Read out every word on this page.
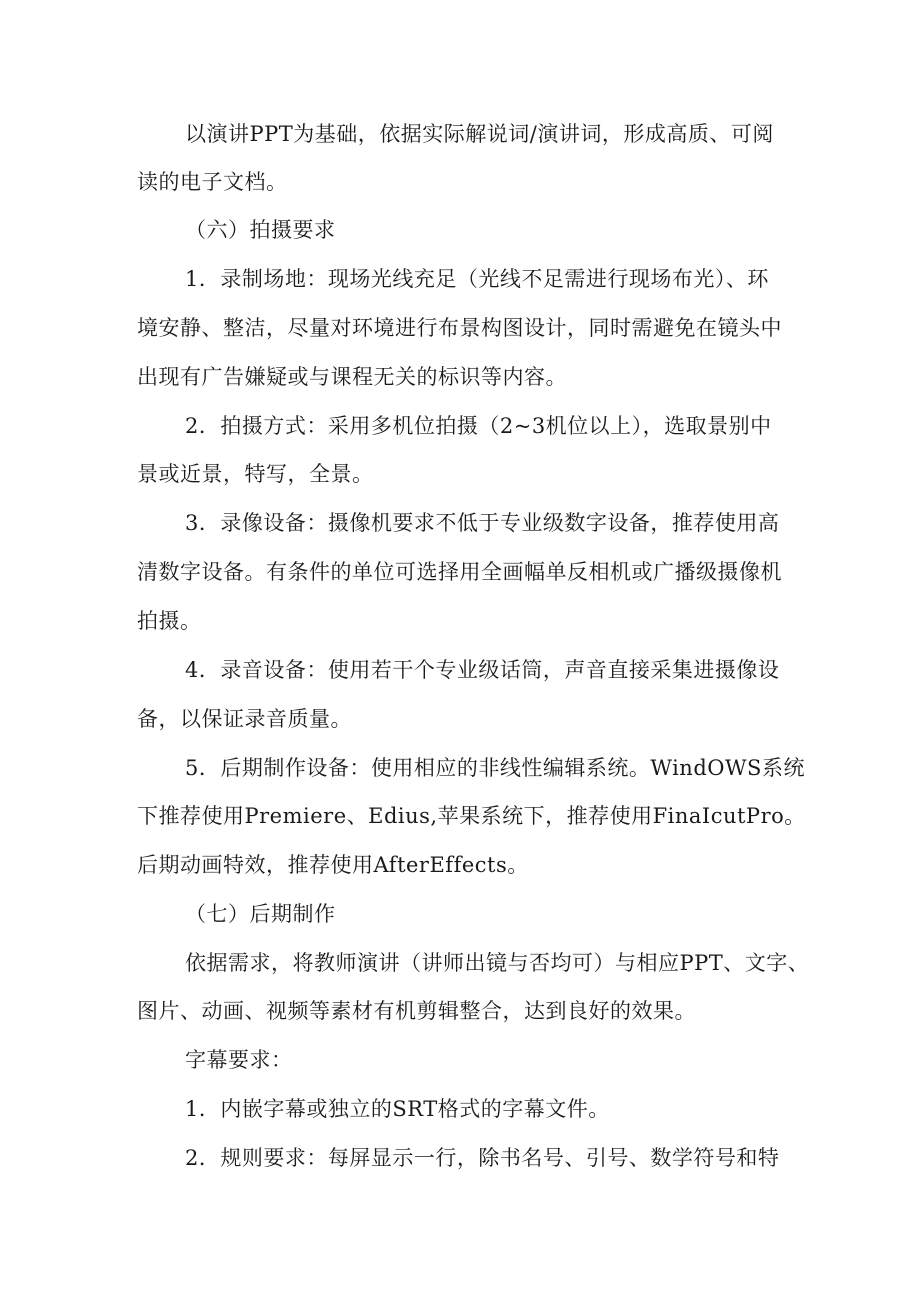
以演讲PPT为基础，依据实际解说词/演讲词，形成高质、可阅
读的电子文档。
（六）拍摄要求
1．录制场地：现场光线充足（光线不足需进行现场布光）、环
境安静、整洁，尽量对环境进行布景构图设计，同时需避免在镜头中
出现有广告嫌疑或与课程无关的标识等内容。
2．拍摄方式：采用多机位拍摄（2~3机位以上），选取景别中
景或近景，特写，全景。
3．录像设备：摄像机要求不低于专业级数字设备，推荐使用高
清数字设备。有条件的单位可选择用全画幅单反相机或广播级摄像机
拍摄。
4．录音设备：使用若干个专业级话筒，声音直接采集进摄像设
备，以保证录音质量。
5．后期制作设备：使用相应的非线性编辑系统。WindOWS系统
下推荐使用Premiere、Edius,苹果系统下，推荐使用FinaIcutPro。
后期动画特效，推荐使用AfterEffects。
（七）后期制作
依据需求，将教师演讲（讲师出镜与否均可）与相应PPT、文字、
图片、动画、视频等素材有机剪辑整合，达到良好的效果。
字幕要求：
1．内嵌字幕或独立的SRT格式的字幕文件。
2．规则要求：每屏显示一行，除书名号、引号、数学符号和特
